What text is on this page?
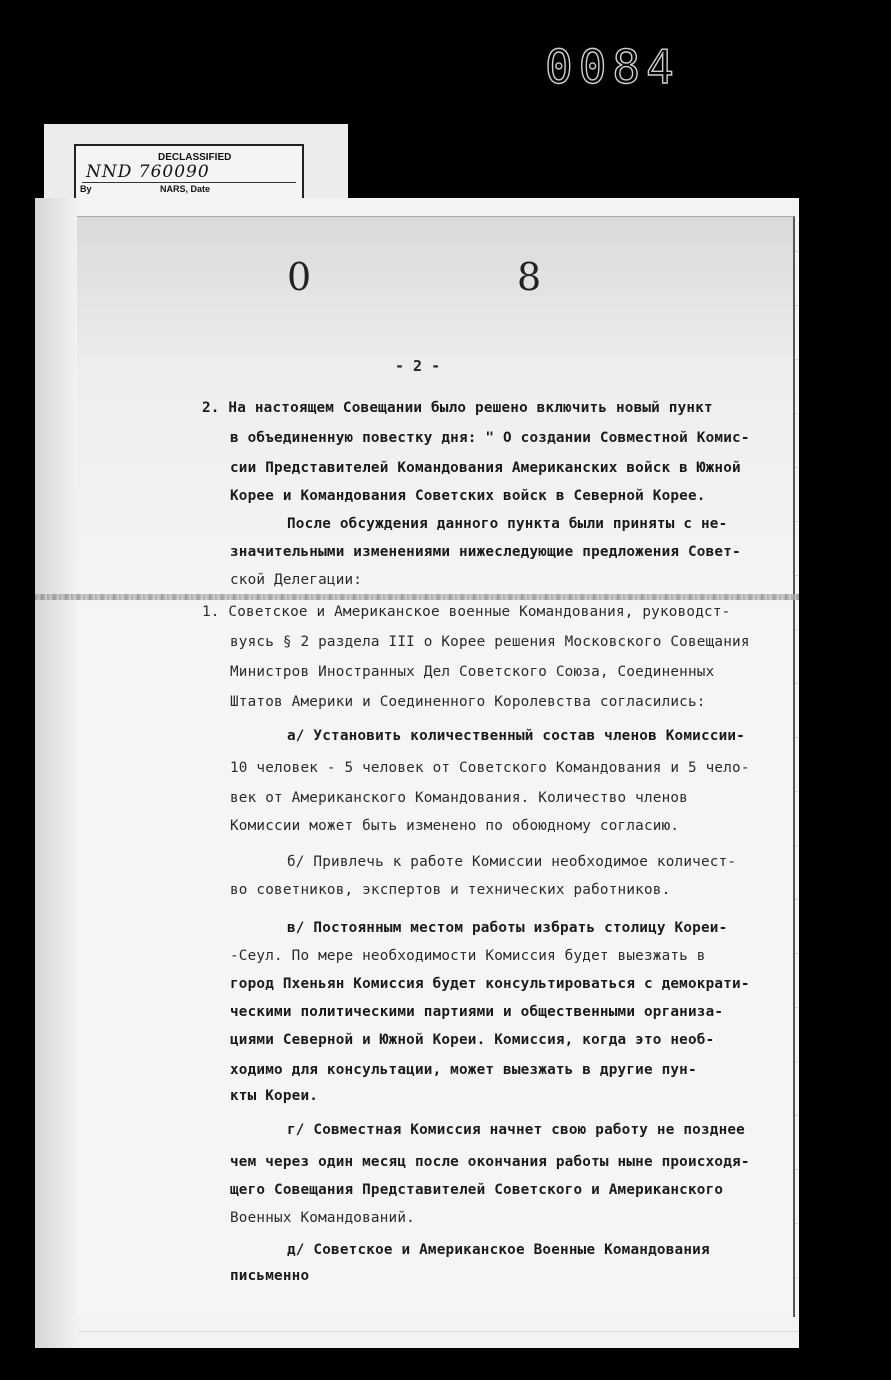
0084
DECLASSIFIED
NND 760090
By	NARS, Date
0	8
- 2 -
2. На настоящем Совещании было решено включить новый пункт
в объединенную повестку дня: " О создании Совместной Комис-
сии Представителей Командования Американских войск в Южной
Корее и Командования Советских войск в Северной Корее.
После обсуждения данного пункта были приняты с не-
значительными изменениями нижеследующие предложения Совет-
ской Делегации:
1. Советское и Американское военные Командования, руководст-
вуясь § 2 раздела III о Корее решения Московского Совещания
Министров Иностранных Дел Советского Союза, Соединенных
Штатов Америки и Соединенного Королевства согласились:
а/ Установить количественный состав членов Комиссии-
10 человек - 5 человек от Советского Командования и 5 чело-
век от Американского Командования. Количество членов
Комиссии может быть изменено по обоюдному согласию.
б/ Привлечь к работе Комиссии необходимое количест-
во советников, экспертов и технических работников.
в/ Постоянным местом работы избрать столицу Кореи-
-Сеул. По мере необходимости Комиссия будет выезжать в
город Пхеньян Комиссия будет консультироваться с демократи-
ческими политическими партиями и общественными организа-
циями Северной и Южной Кореи. Комиссия, когда это необ-
ходимо для консультации, может выезжать в другие пун-
кты Кореи.
г/ Совместная Комиссия начнет свою работу не позднее
чем через один месяц после окончания работы ныне происходя-
щего Совещания Представителей Советского и Американского
Военных Командований.
д/ Советское и Американское Военные Командования
письменно
